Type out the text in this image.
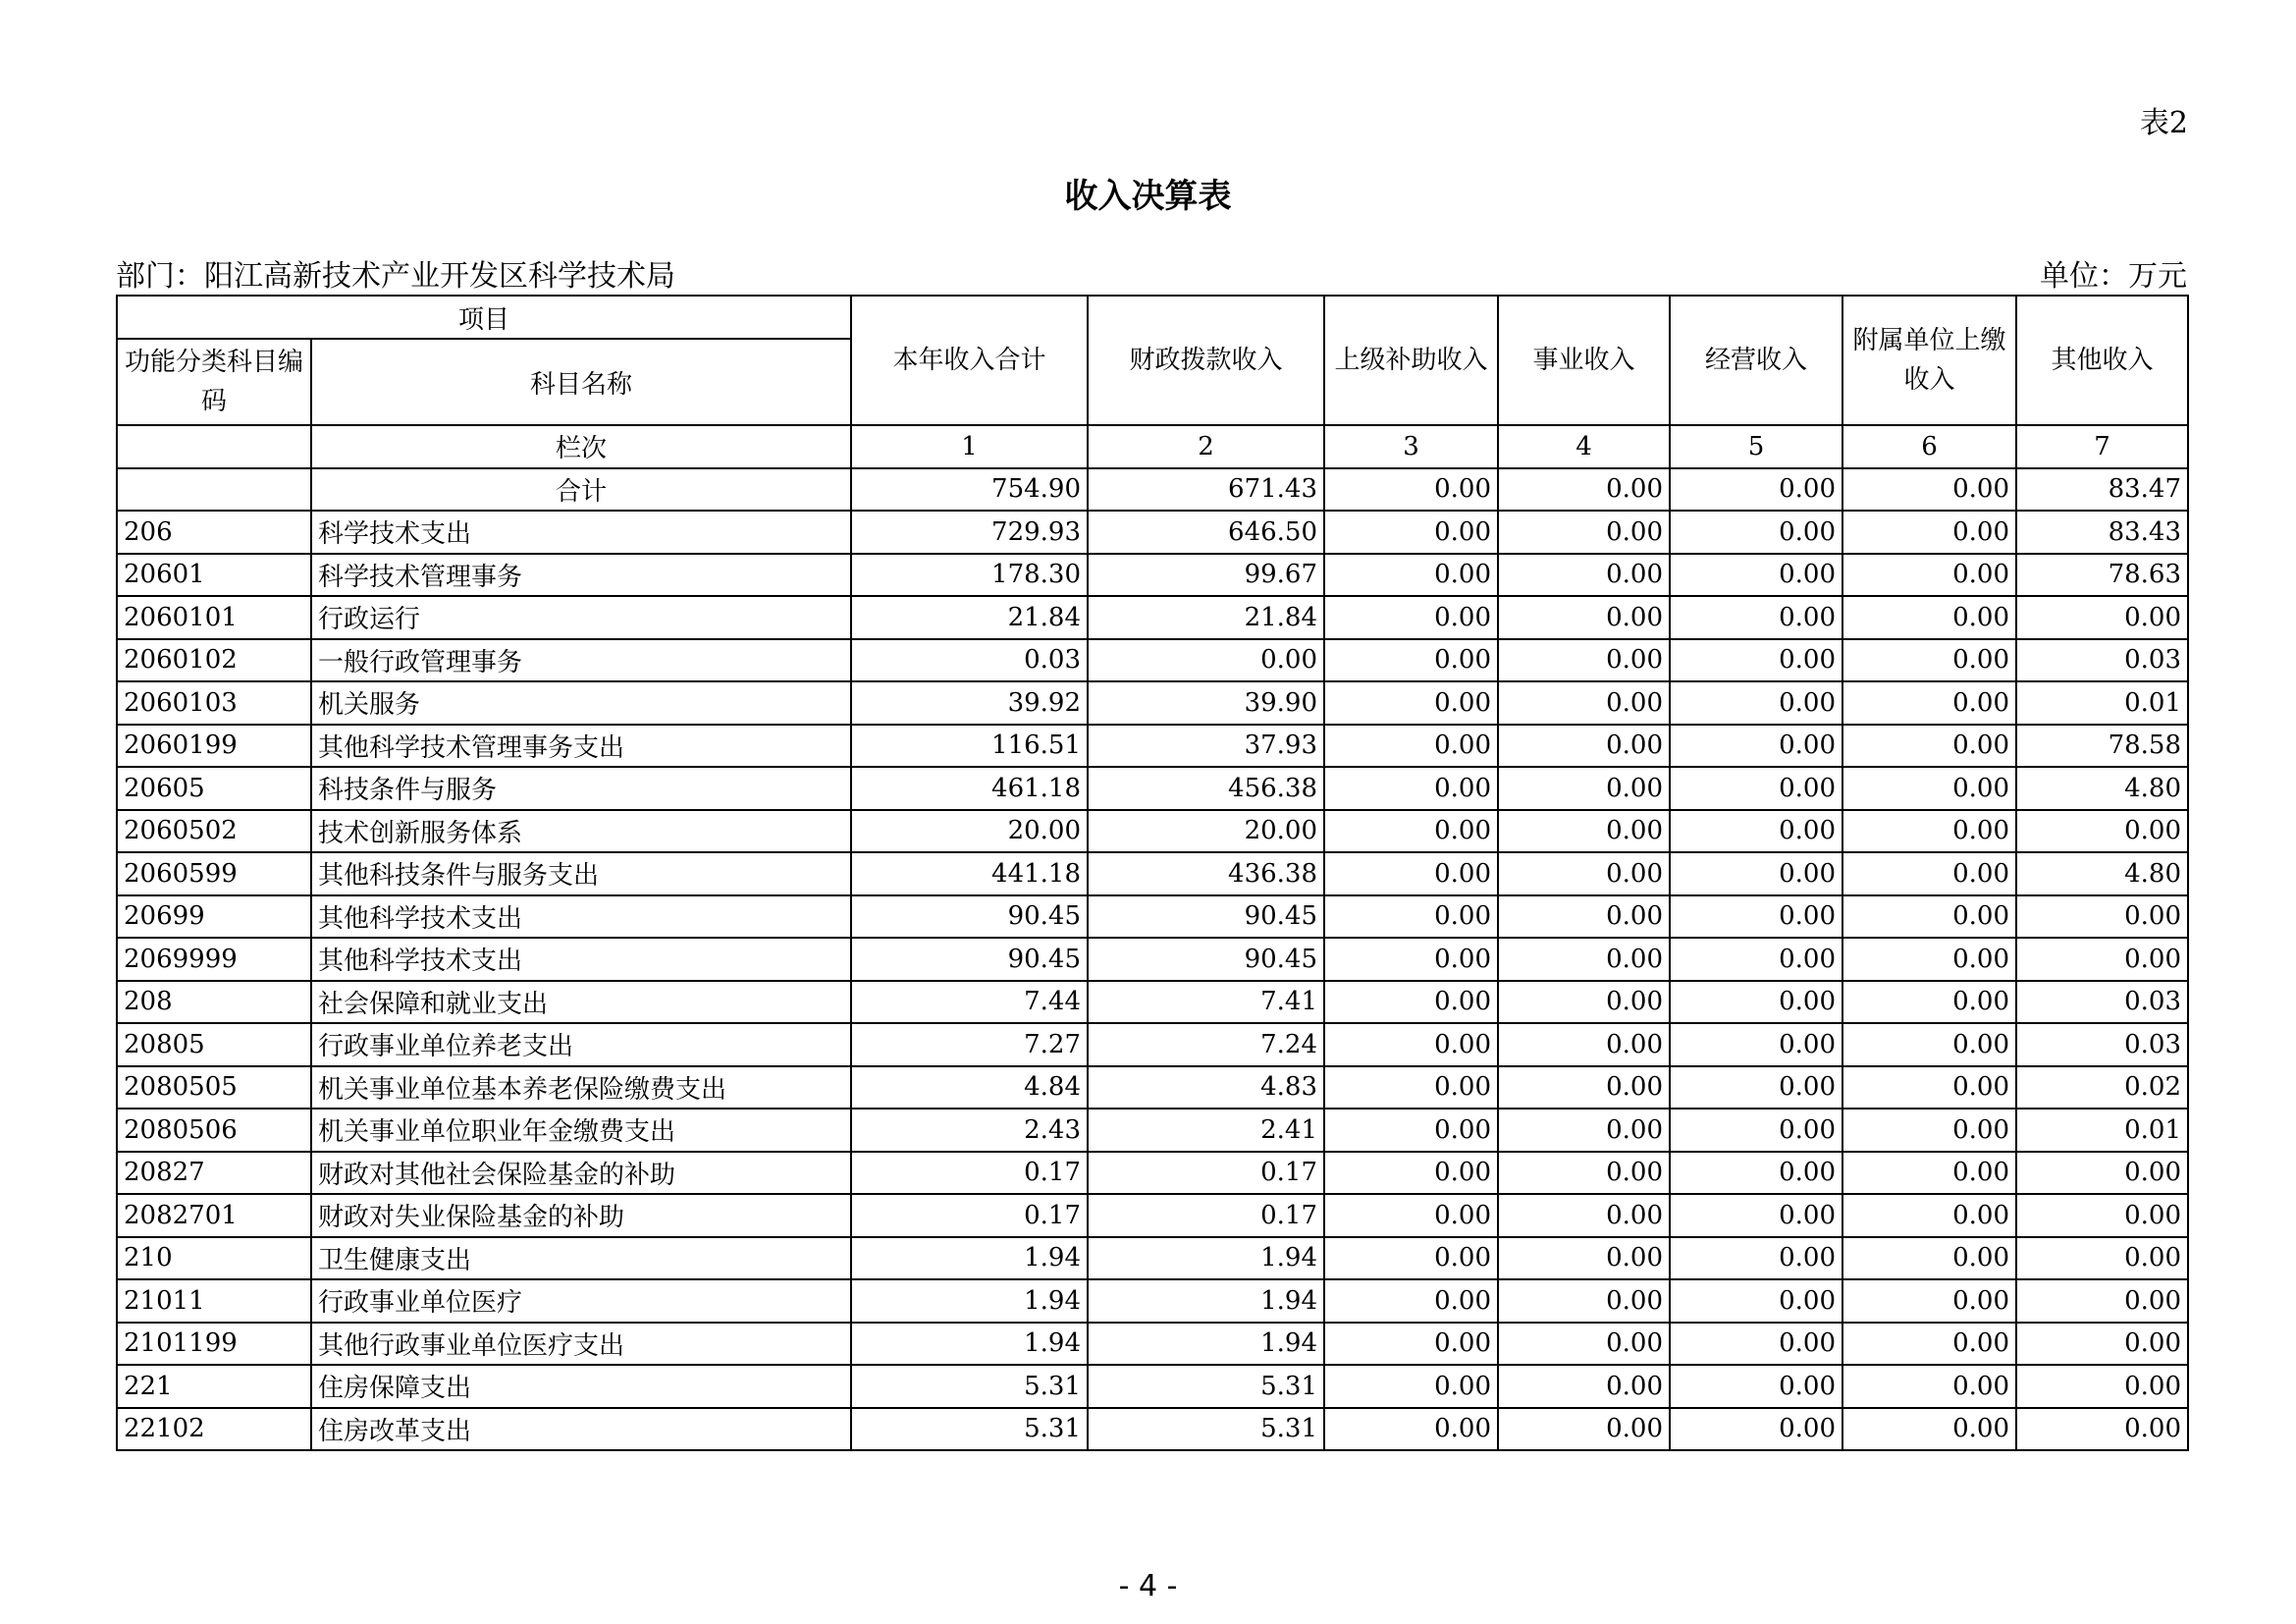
表2
收入决算表
部门：阳江高新技术产业开发区科学技术局	单位：万元
项目		本年收入合计	财政拨款收入	上级补助收入	事业收入	经营收入	附属单位上缴收入	其他收入
功能分类科目编码	科目名称							
	栏次	1	2	3	4	5	6	7
	合计	754.90	671.43	0.00	0.00	0.00	0.00	83.47
206	科学技术支出	729.93	646.50	0.00	0.00	0.00	0.00	83.43
20601	科学技术管理事务	178.30	99.67	0.00	0.00	0.00	0.00	78.63
2060101	行政运行	21.84	21.84	0.00	0.00	0.00	0.00	0.00
2060102	一般行政管理事务	0.03	0.00	0.00	0.00	0.00	0.00	0.03
2060103	机关服务	39.92	39.90	0.00	0.00	0.00	0.00	0.01
2060199	其他科学技术管理事务支出	116.51	37.93	0.00	0.00	0.00	0.00	78.58
20605	科技条件与服务	461.18	456.38	0.00	0.00	0.00	0.00	4.80
2060502	技术创新服务体系	20.00	20.00	0.00	0.00	0.00	0.00	0.00
2060599	其他科技条件与服务支出	441.18	436.38	0.00	0.00	0.00	0.00	4.80
20699	其他科学技术支出	90.45	90.45	0.00	0.00	0.00	0.00	0.00
2069999	其他科学技术支出	90.45	90.45	0.00	0.00	0.00	0.00	0.00
208	社会保障和就业支出	7.44	7.41	0.00	0.00	0.00	0.00	0.03
20805	行政事业单位养老支出	7.27	7.24	0.00	0.00	0.00	0.00	0.03
2080505	机关事业单位基本养老保险缴费支出	4.84	4.83	0.00	0.00	0.00	0.00	0.02
2080506	机关事业单位职业年金缴费支出	2.43	2.41	0.00	0.00	0.00	0.00	0.01
20827	财政对其他社会保险基金的补助	0.17	0.17	0.00	0.00	0.00	0.00	0.00
2082701	财政对失业保险基金的补助	0.17	0.17	0.00	0.00	0.00	0.00	0.00
210	卫生健康支出	1.94	1.94	0.00	0.00	0.00	0.00	0.00
21011	行政事业单位医疗	1.94	1.94	0.00	0.00	0.00	0.00	0.00
2101199	其他行政事业单位医疗支出	1.94	1.94	0.00	0.00	0.00	0.00	0.00
221	住房保障支出	5.31	5.31	0.00	0.00	0.00	0.00	0.00
22102	住房改革支出	5.31	5.31	0.00	0.00	0.00	0.00	0.00
- 4 -
